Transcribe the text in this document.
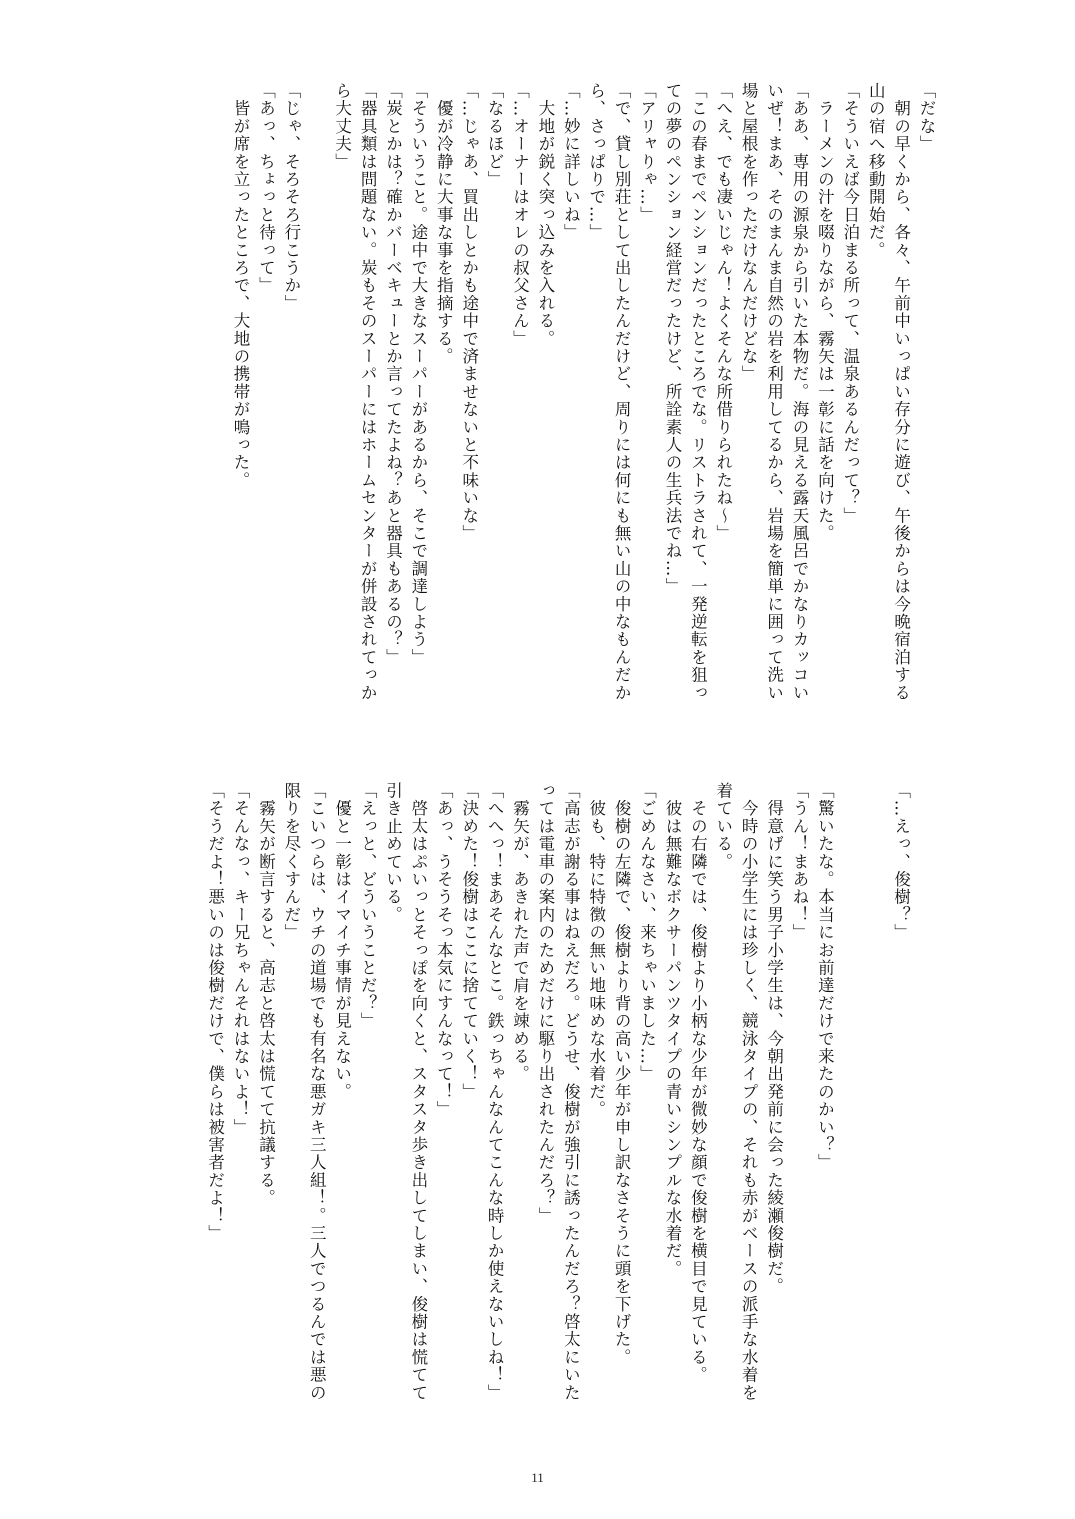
「だな」
　朝の早くから、各々、午前中いっぱい存分に遊び、午後からは今晩宿泊する
山の宿へ移動開始だ。
「そういえば今日泊まる所って、温泉あるんだって？」
　ラーメンの汁を啜りながら、霧矢は一彰に話を向けた。
「ああ、専用の源泉から引いた本物だ。海の見える露天風呂でかなりカッコい
いぜ！まあ、そのまんま自然の岩を利用してるから、岩場を簡単に囲って洗い
場と屋根を作っただけなんだけどな」
「へえ、でも凄いじゃん！よくそんな所借りられたね～」
「この春までペンションだったところでな。リストラされて、一発逆転を狙っ
ての夢のペンション経営だったけど、所詮素人の生兵法でね…」
「アリャりゃ…」
「で、貸し別荘として出したんだけど、周りには何にも無い山の中なもんだか
ら、さっぱりで…」
「…妙に詳しいね」
　大地が鋭く突っ込みを入れる。
「…オーナーはオレの叔父さん」
「なるほど」
「…じゃあ、買出しとかも途中で済ませないと不味いな」
　優が冷静に大事な事を指摘する。
「そういうこと。途中で大きなスーパーがあるから、そこで調達しよう」
「炭とかは？確かバーベキューとか言ってたよね？あと器具もあるの？」
「器具類は問題ない。炭もそのスーパーにはホームセンターが併設されてっか
ら大丈夫」

「じゃ、そろそろ行こうか」
「あっ、ちょっと待って」
　皆が席を立ったところで、大地の携帯が鳴った。

「…えっ、俊樹？」

「驚いたな。本当にお前達だけで来たのかい？」
「うん！まあね！」
　得意げに笑う男子小学生は、今朝出発前に会った綾瀬俊樹だ。
　今時の小学生には珍しく、競泳タイプの、それも赤がベースの派手な水着を
着ている。
　その右隣では、俊樹より小柄な少年が微妙な顔で俊樹を横目で見ている。
　彼は無難なボクサーパンツタイプの青いシンプルな水着だ。
「ごめんなさい、来ちゃいました…」
　俊樹の左隣で、俊樹より背の高い少年が申し訳なさそうに頭を下げた。
　彼も、特に特徴の無い地味めな水着だ。
「高志が謝る事はねえだろ。どうせ、俊樹が強引に誘ったんだろ？啓太にいた
っては電車の案内のためだけに駆り出されたんだろ？」
　霧矢が、あきれた声で肩を竦める。
「へへっ！まあそんなとこ。鉄っちゃんなんてこんな時しか使えないしね！」
「決めた！俊樹はここに捨てていく！」
「あっ、うそうそっ本気にすんなって！」
　啓太はぷいっとそっぽを向くと、スタスタ歩き出してしまい、俊樹は慌てて
引き止めている。
「えっと、どういうことだ？」
　優と一彰はイマイチ事情が見えない。
「こいつらは、ウチの道場でも有名な悪ガキ三人組！。三人でつるんでは悪の
限りを尽くすんだ」
　霧矢が断言すると、高志と啓太は慌てて抗議する。
「そんなっ、キー兄ちゃんそれはないよ！」
「そうだよ！悪いのは俊樹だけで、僕らは被害者だよ！」
11
